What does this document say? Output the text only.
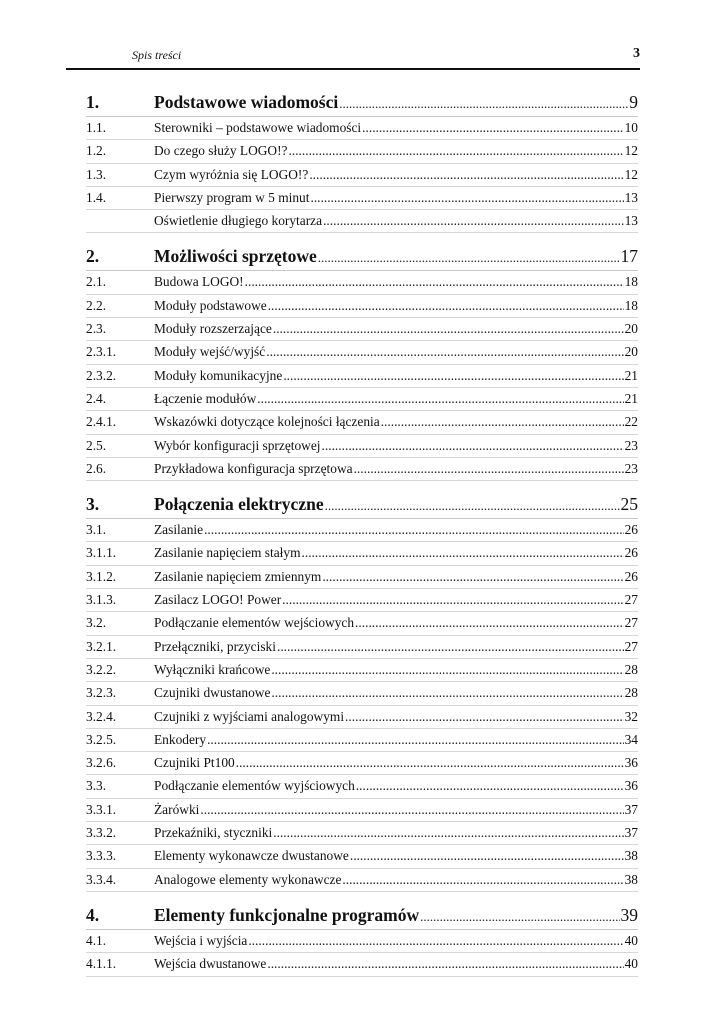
Spis treści	3
1.	Podstawowe wiadomości .....	9
1.1.	Sterowniki – podstawowe wiadomości .....	10
1.2.	Do czego służy LOGO!? .....	12
1.3.	Czym wyróżnia się LOGO!? .....	12
1.4.	Pierwszy program w 5 minut .....	13
Oświetlenie długiego korytarza .....	13
2.	Możliwości sprzętowe .....	17
2.1.	Budowa LOGO! .....	18
2.2.	Moduły podstawowe .....	18
2.3.	Moduły rozszerzające .....	20
2.3.1.	Moduły wejść/wyjść .....	20
2.3.2.	Moduły komunikacyjne .....	21
2.4.	Łączenie modułów .....	21
2.4.1.	Wskazówki dotyczące kolejności łączenia .....	22
2.5.	Wybór konfiguracji sprzętowej .....	23
2.6.	Przykładowa konfiguracja sprzętowa .....	23
3.	Połączenia elektryczne .....	25
3.1.	Zasilanie .....	26
3.1.1.	Zasilanie napięciem stałym .....	26
3.1.2.	Zasilanie napięciem zmiennym .....	26
3.1.3.	Zasilacz LOGO! Power .....	27
3.2.	Podłączanie elementów wejściowych .....	27
3.2.1.	Przełączniki, przyciski .....	27
3.2.2.	Wyłączniki krańcowe .....	28
3.2.3.	Czujniki dwustanowe .....	28
3.2.4.	Czujniki z wyjściami analogowymi .....	32
3.2.5.	Enkodery .....	34
3.2.6.	Czujniki Pt100 .....	36
3.3.	Podłączanie elementów wyjściowych .....	36
3.3.1.	Żarówki .....	37
3.3.2.	Przekaźniki, styczniki .....	37
3.3.3.	Elementy wykonawcze dwustanowe .....	38
3.3.4.	Analogowe elementy wykonawcze .....	38
4.	Elementy funkcjonalne programów .....	39
4.1.	Wejścia i wyjścia .....	40
4.1.1.	Wejścia dwustanowe .....	40
